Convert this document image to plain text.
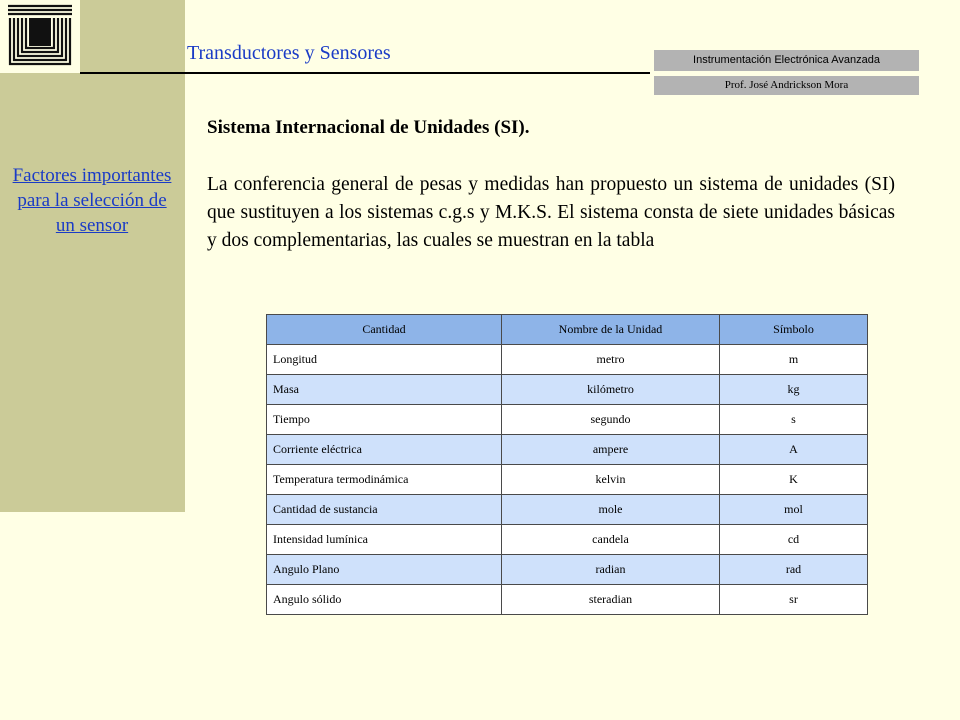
Transductores y Sensores	Instrumentación Electrónica Avanzada
Prof. José Andrickson Mora
Factores importantes para la selección de un sensor
Sistema Internacional de Unidades (SI).
La conferencia general de pesas y medidas han propuesto un sistema de unidades (SI) que sustituyen a los sistemas c.g.s y M.K.S. El sistema consta de siete unidades básicas y dos complementarias, las cuales se muestran en la tabla
Cantidad	Nombre de la Unidad	Símbolo
Longitud	metro	m
Masa	kilómetro	kg
Tiempo	segundo	s
Corriente eléctrica	ampere	A
Temperatura termodinámica	kelvin	K
Cantidad de sustancia	mole	mol
Intensidad lumínica	candela	cd
Angulo Plano	radian	rad
Angulo sólido	steradian	sr
